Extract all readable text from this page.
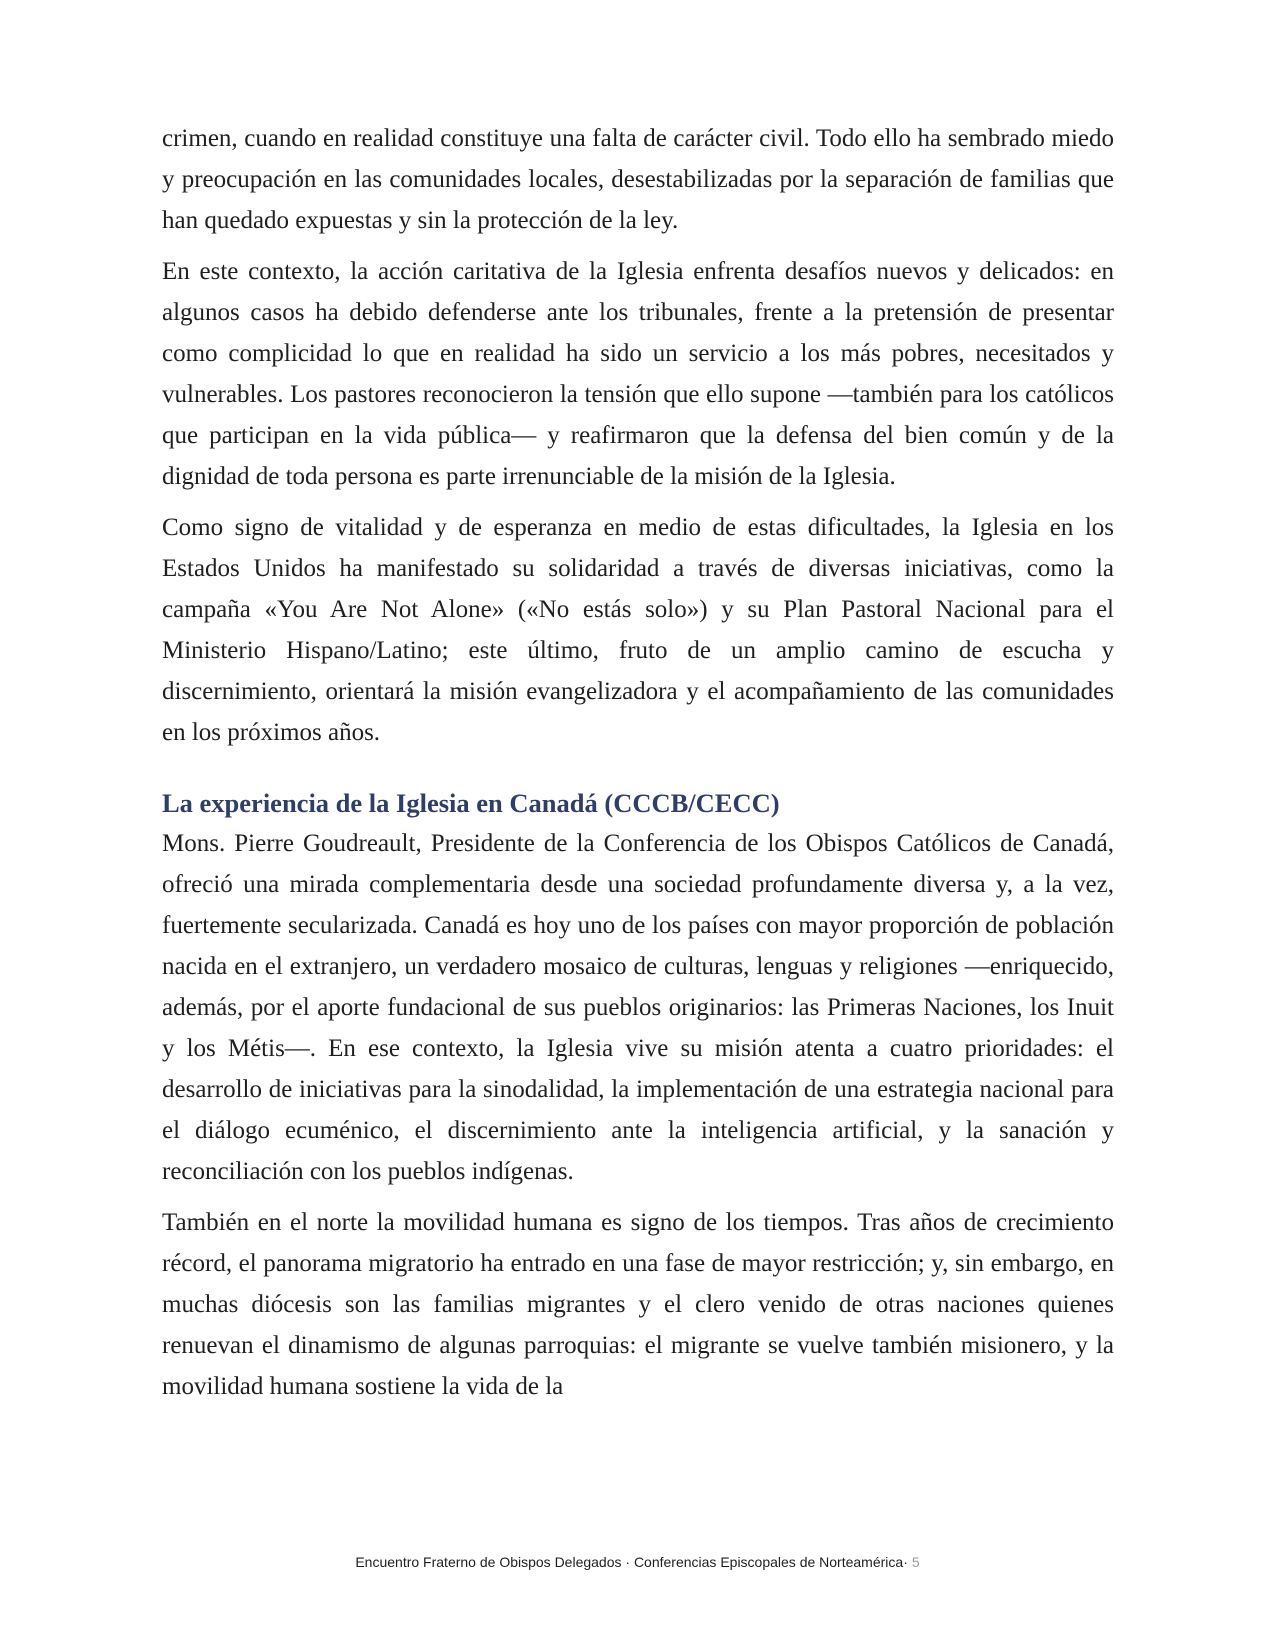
crimen, cuando en realidad constituye una falta de carácter civil. Todo ello ha sembrado miedo y preocupación en las comunidades locales, desestabilizadas por la separación de familias que han quedado expuestas y sin la protección de la ley.

En este contexto, la acción caritativa de la Iglesia enfrenta desafíos nuevos y delicados: en algunos casos ha debido defenderse ante los tribunales, frente a la pretensión de presentar como complicidad lo que en realidad ha sido un servicio a los más pobres, necesitados y vulnerables. Los pastores reconocieron la tensión que ello supone —también para los católicos que participan en la vida pública— y reafirmaron que la defensa del bien común y de la dignidad de toda persona es parte irrenunciable de la misión de la Iglesia.

Como signo de vitalidad y de esperanza en medio de estas dificultades, la Iglesia en los Estados Unidos ha manifestado su solidaridad a través de diversas iniciativas, como la campaña «You Are Not Alone» («No estás solo») y su Plan Pastoral Nacional para el Ministerio Hispano/Latino; este último, fruto de un amplio camino de escucha y discernimiento, orientará la misión evangelizadora y el acompañamiento de las comunidades en los próximos años.

La experiencia de la Iglesia en Canadá (CCCB/CECC)

Mons. Pierre Goudreault, Presidente de la Conferencia de los Obispos Católicos de Canadá, ofreció una mirada complementaria desde una sociedad profundamente diversa y, a la vez, fuertemente secularizada. Canadá es hoy uno de los países con mayor proporción de población nacida en el extranjero, un verdadero mosaico de culturas, lenguas y religiones —enriquecido, además, por el aporte fundacional de sus pueblos originarios: las Primeras Naciones, los Inuit y los Métis—. En ese contexto, la Iglesia vive su misión atenta a cuatro prioridades: el desarrollo de iniciativas para la sinodalidad, la implementación de una estrategia nacional para el diálogo ecuménico, el discernimiento ante la inteligencia artificial, y la sanación y reconciliación con los pueblos indígenas.

También en el norte la movilidad humana es signo de los tiempos. Tras años de crecimiento récord, el panorama migratorio ha entrado en una fase de mayor restricción; y, sin embargo, en muchas diócesis son las familias migrantes y el clero venido de otras naciones quienes renuevan el dinamismo de algunas parroquias: el migrante se vuelve también misionero, y la movilidad humana sostiene la vida de la

Encuentro Fraterno de Obispos Delegados · Conferencias Episcopales de Norteamérica· 5
